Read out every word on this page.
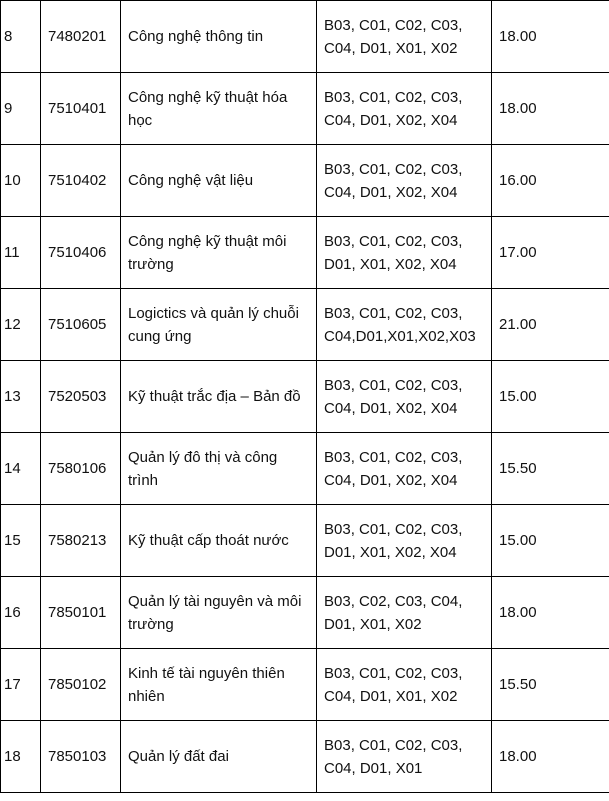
8	7480201	Công nghệ thông tin	B03, C01, C02, C03,
C04, D01, X01, X02	18.00
9	7510401	Công nghệ kỹ thuật hóa
học	B03, C01, C02, C03,
C04, D01, X02, X04	18.00
10	7510402	Công nghệ vật liệu	B03, C01, C02, C03,
C04, D01, X02, X04	16.00
11	7510406	Công nghệ kỹ thuật môi
trường	B03, C01, C02, C03,
D01, X01, X02, X04	17.00
12	7510605	Logictics và quản lý chuỗi
cung ứng	B03, C01, C02, C03,
C04,D01,X01,X02,X03	21.00
13	7520503	Kỹ thuật trắc địa – Bản đồ	B03, C01, C02, C03,
C04, D01, X02, X04	15.00
14	7580106	Quản lý đô thị và công
trình	B03, C01, C02, C03,
C04, D01, X02, X04	15.50
15	7580213	Kỹ thuật cấp thoát nước	B03, C01, C02, C03,
D01, X01, X02, X04	15.00
16	7850101	Quản lý tài nguyên và môi
trường	B03, C02, C03, C04,
D01, X01, X02	18.00
17	7850102	Kinh tế tài nguyên thiên
nhiên	B03, C01, C02, C03,
C04, D01, X01, X02	15.50
18	7850103	Quản lý đất đai	B03, C01, C02, C03,
C04, D01, X01	18.00
